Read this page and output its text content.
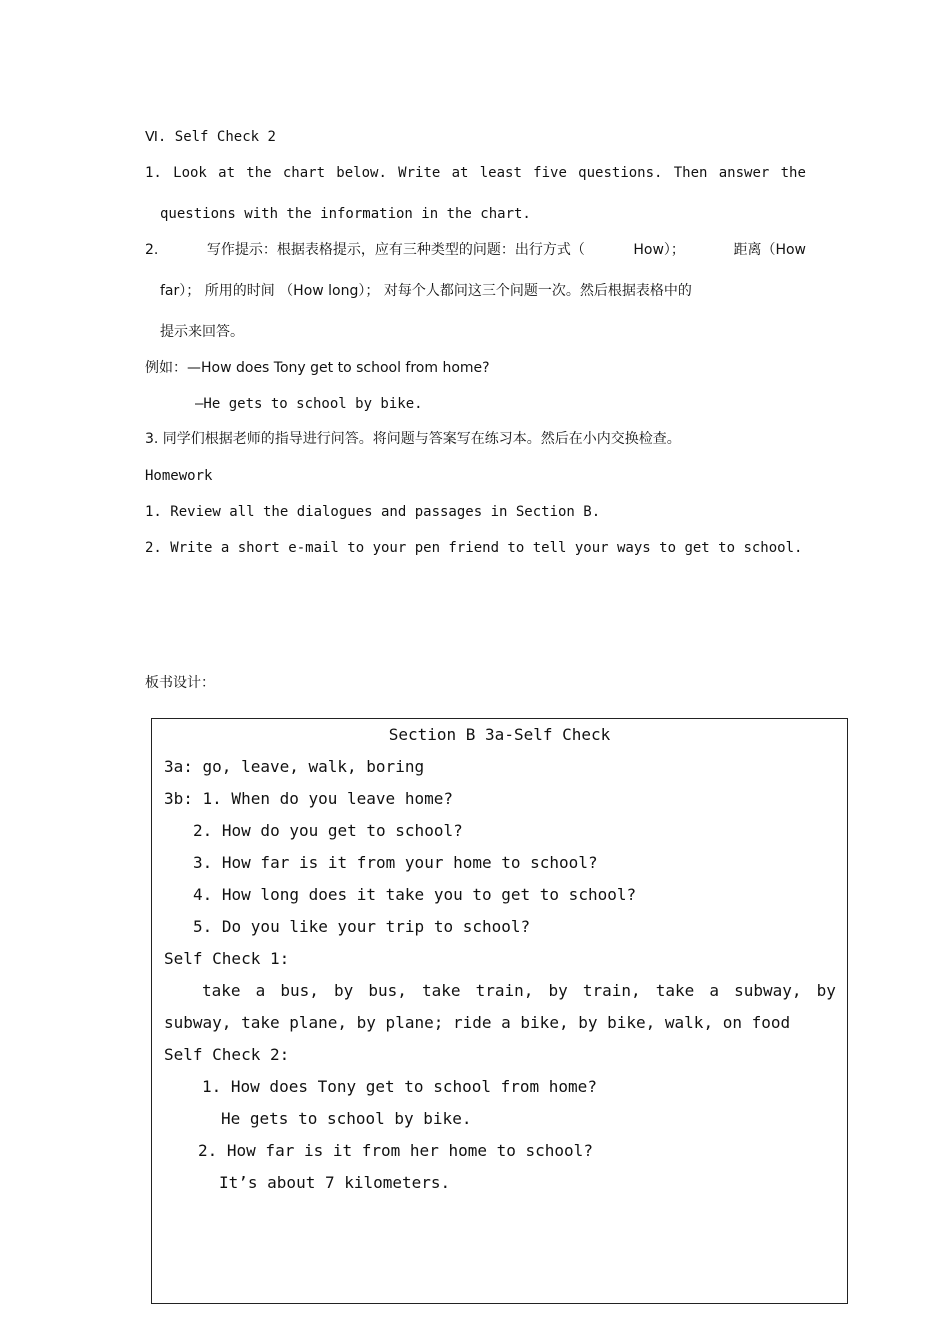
Ⅵ. Self Check 2
1. Look at the chart below. Write at least five questions. Then answer the
questions with the information in the chart.
2.	写作提示：根据表格提示，应有三种类型的问题：出行方式（	How）；	距离（How
far）； 所用的时间 （How long）； 对每个人都问这三个问题一次。然后根据表格中的
提示来回答。
例如：—How does Tony get to school from home?
—He gets to school by bike.
3. 同学们根据老师的指导进行问答。将问题与答案写在练习本。然后在小内交换检查。
Homework
1. Review all the dialogues and passages in Section B.
2. Write a short e-mail to your pen friend to tell your ways to get to school.
板书设计：
Section B 3a-Self Check
3a: go, leave, walk, boring
3b: 1. When do you leave home?
2. How do you get to school?
3. How far is it from your home to school?
4. How long does it take you to get to school?
5. Do you like your trip to school?
Self Check 1:
take a bus, by bus, take train, by train, take a subway, by
subway, take plane, by plane; ride a bike, by bike, walk, on food
Self Check 2:
1. How does Tony get to school from home?
He gets to school by bike.
2. How far is it from her home to school?
It’s about 7 kilometers.
